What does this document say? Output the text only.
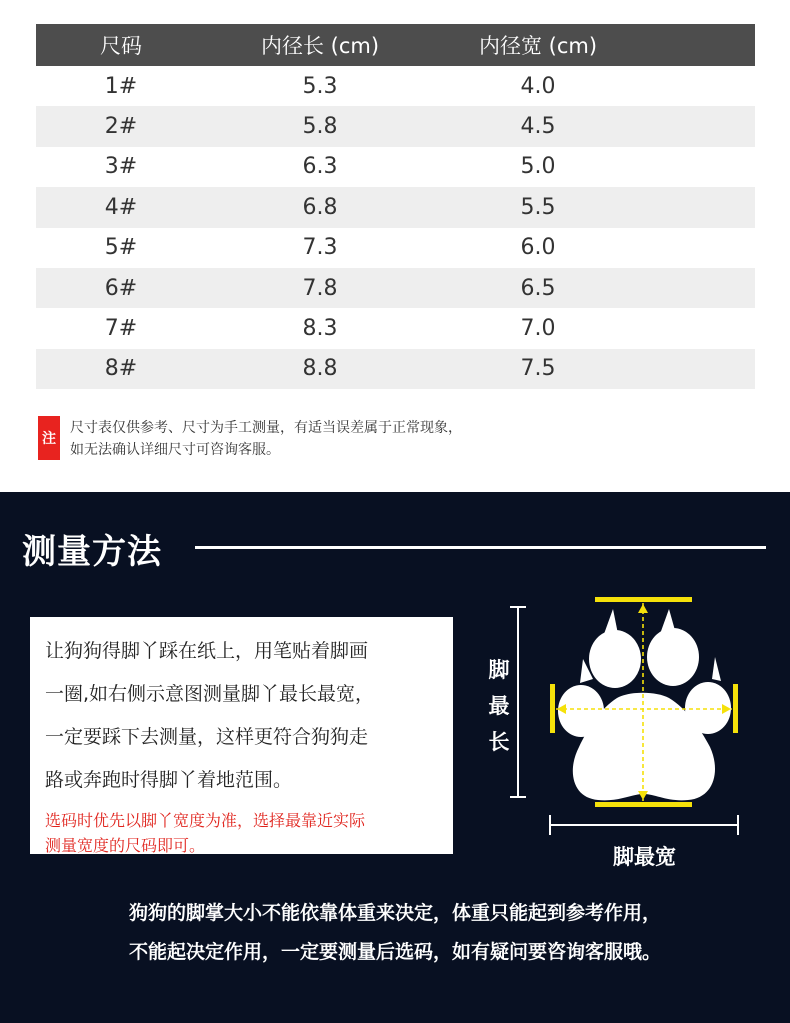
尺码	内径长 (cm)	内径宽 (cm)
1#	5.3	4.0
2#	5.8	4.5
3#	6.3	5.0
4#	6.8	5.5
5#	7.3	6.0
6#	7.8	6.5
7#	8.3	7.0
8#	8.8	7.5
注
尺寸表仅供参考、尺寸为手工测量，有适当误差属于正常现象，
如无法确认详细尺寸可咨询客服。
测量方法
让狗狗得脚丫踩在纸上，用笔贴着脚画
一圈,如右侧示意图测量脚丫最长最宽，
一定要踩下去测量，这样更符合狗狗走
路或奔跑时得脚丫着地范围。
选码时优先以脚丫宽度为准，选择最靠近实际
测量宽度的尺码即可。
脚
最
长
脚最宽
狗狗的脚掌大小不能依靠体重来决定，体重只能起到参考作用，
不能起决定作用，一定要测量后选码，如有疑问要咨询客服哦。
